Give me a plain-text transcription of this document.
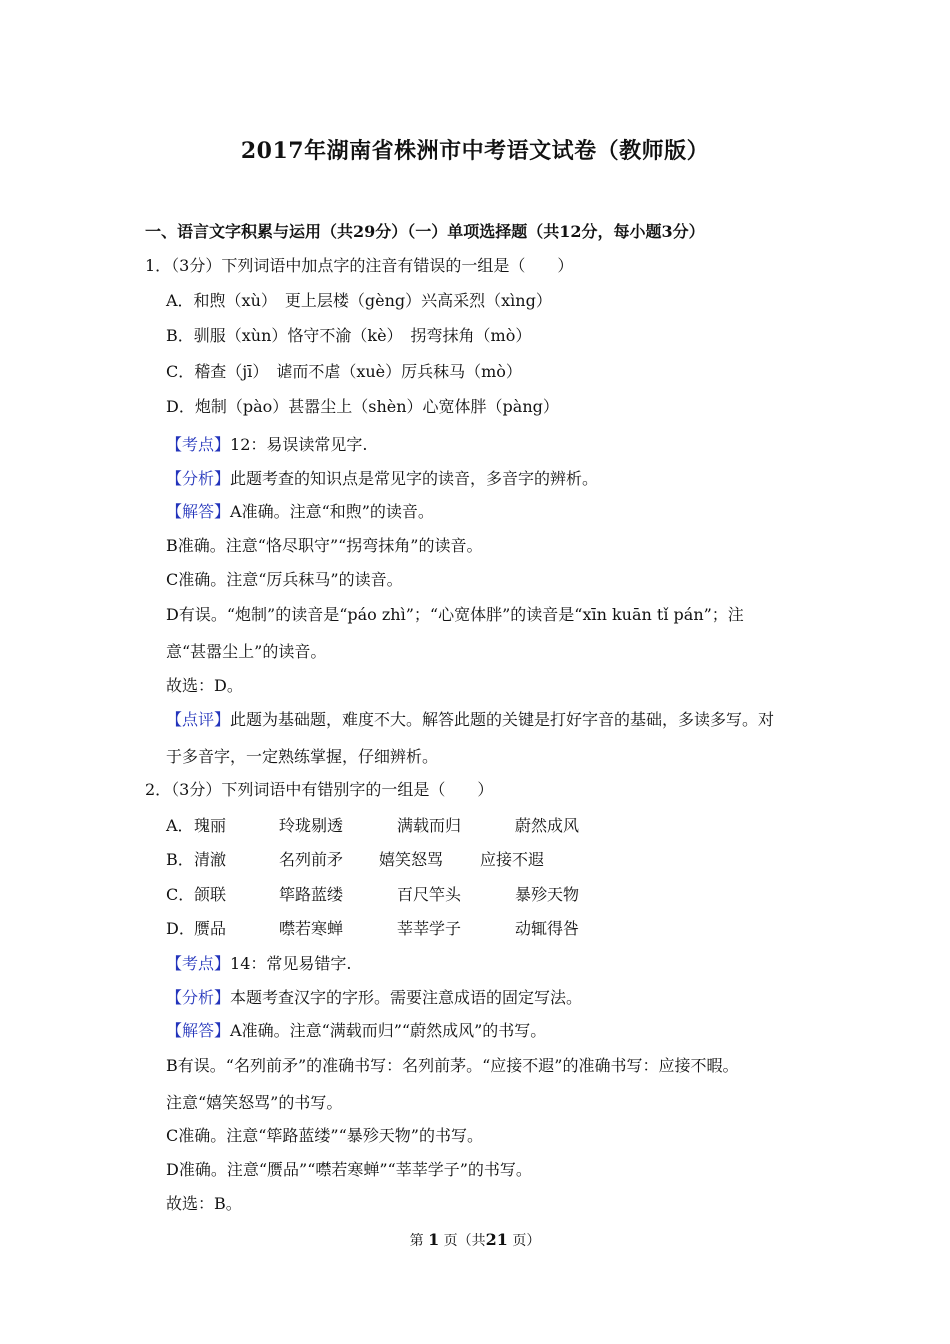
2017年湖南省株洲市中考语文试卷（教师版）
一、语言文字积累与运用（共29分）（一）单项选择题（共12分，每小题3分）
1．（3分）下列词语中加点字的注音有错误的一组是（　　）
A．和煦（xù）　更上层楼（gèng）兴高采烈（xìng）
B．驯服（xùn）恪守不渝（kè）　拐弯抹角（mò）
C．稽查（jī）　谑而不虐（xuè）厉兵秣马（mò）
D．炮制（pào）甚嚣尘上（shèn）心宽体胖（pàng）
【考点】12：易误读常见字.
【分析】此题考查的知识点是常见字的读音，多音字的辨析。
【解答】A准确。注意“和煦”的读音。
B准确。注意“恪尽职守”“拐弯抹角”的读音。
C准确。注意“厉兵秣马”的读音。
D有误。“炮制”的读音是“páo zhì”；“心宽体胖”的读音是“xīn kuān tǐ pán”；注
意“甚嚣尘上”的读音。
故选：D。
【点评】此题为基础题，难度不大。解答此题的关键是打好字音的基础，多读多写。对
于多音字，一定熟练掌握，仔细辨析。
2．（3分）下列词语中有错别字的一组是（　　）
A．瑰丽	玲珑剔透	满载而归	蔚然成风
B．清澈	名列前矛 嬉笑怒骂 应接不遐
C．颌联	筚路蓝缕	百尺竿头	暴殄天物
D．赝品	噤若寒蝉	莘莘学子	动辄得咎
【考点】14：常见易错字.
【分析】本题考查汉字的字形。需要注意成语的固定写法。
【解答】A准确。注意“满载而归”“蔚然成风”的书写。
B有误。“名列前矛”的准确书写：名列前茅。“应接不遐”的准确书写：应接不暇。
注意“嬉笑怒骂”的书写。
C准确。注意“筚路蓝缕”“暴殄天物”的书写。
D准确。注意“赝品”“噤若寒蝉”“莘莘学子”的书写。
故选：B。
第 1 页（共21 页）
